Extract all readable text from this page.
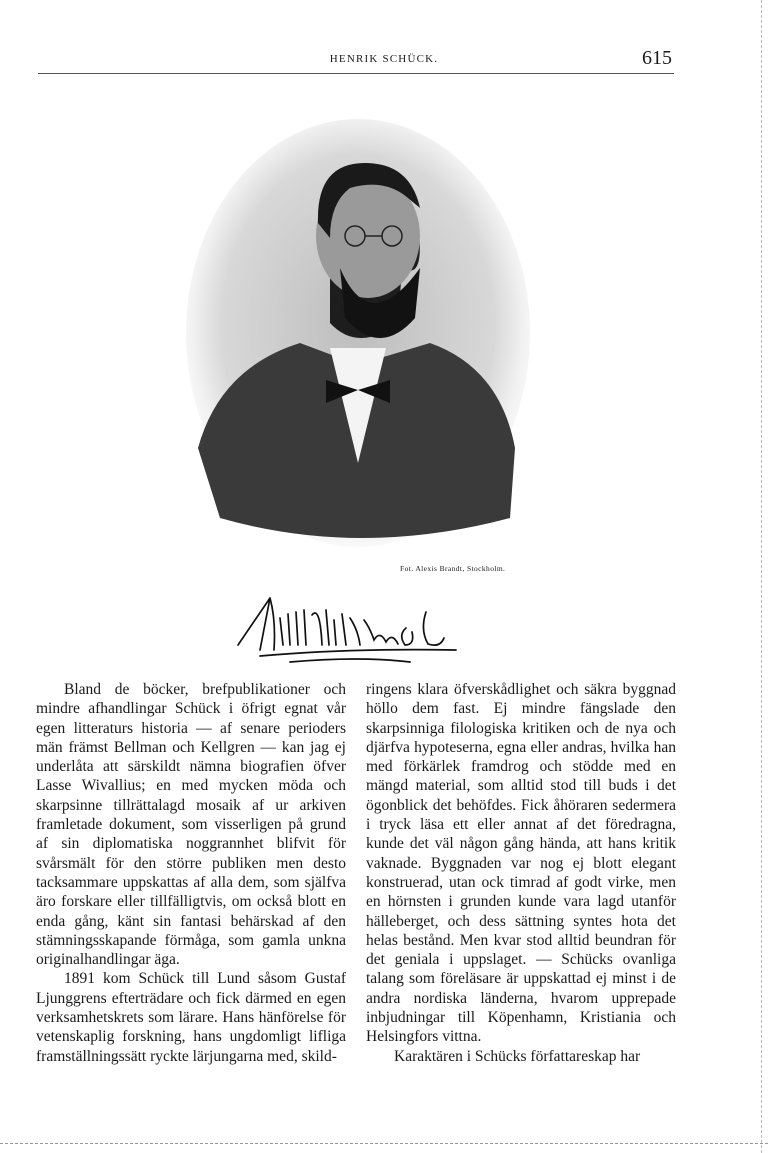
HENRIK SCHÜCK.	615
Fot. Alexis Brandt, Stockholm.

Bland de böcker, brefpublikationer och mindre afhandlingar Schück i öfrigt egnat vår egen litteraturs historia — af senare perioders män främst Bellman och Kellgren — kan jag ej underlåta att särskildt nämna biografien öfver Lasse Wivallius; en med mycken möda och skarpsinne tillrättalagd mosaik af ur arkiven framletade dokument, som visserligen på grund af sin diplomatiska noggrannhet blifvit för svårsmält för den större publiken men desto tacksammare uppskattas af alla dem, som själfva äro forskare eller tillfälligtvis, om också blott en enda gång, känt sin fantasi behärskad af den stämningsskapande förmåga, som gamla unkna originalhandlingar äga.

1891 kom Schück till Lund såsom Gustaf Ljunggrens efterträdare och fick därmed en egen verksamhetskrets som lärare. Hans hänförelse för vetenskaplig forskning, hans ungdomligt lifliga framställningssätt ryckte lärjungarna med, skild-

ringens klara öfverskådlighet och säkra byggnad höllo dem fast. Ej mindre fängslade den skarpsinniga filologiska kritiken och de nya och djärfva hypoteserna, egna eller andras, hvilka han med förkärlek framdrog och stödde med en mängd material, som alltid stod till buds i det ögonblick det behöfdes. Fick åhöraren sedermera i tryck läsa ett eller annat af det föredragna, kunde det väl någon gång hända, att hans kritik vaknade. Byggnaden var nog ej blott elegant konstruerad, utan ock timrad af godt virke, men en hörnsten i grunden kunde vara lagd utanför hälleberget, och dess sättning syntes hota det helas bestånd. Men kvar stod alltid beundran för det geniala i uppslaget. — Schücks ovanliga talang som föreläsare är uppskattad ej minst i de andra nordiska länderna, hvarom upprepade inbjudningar till Köpenhamn, Kristiania och Helsingfors vittna.

Karaktären i Schücks författareskap har
